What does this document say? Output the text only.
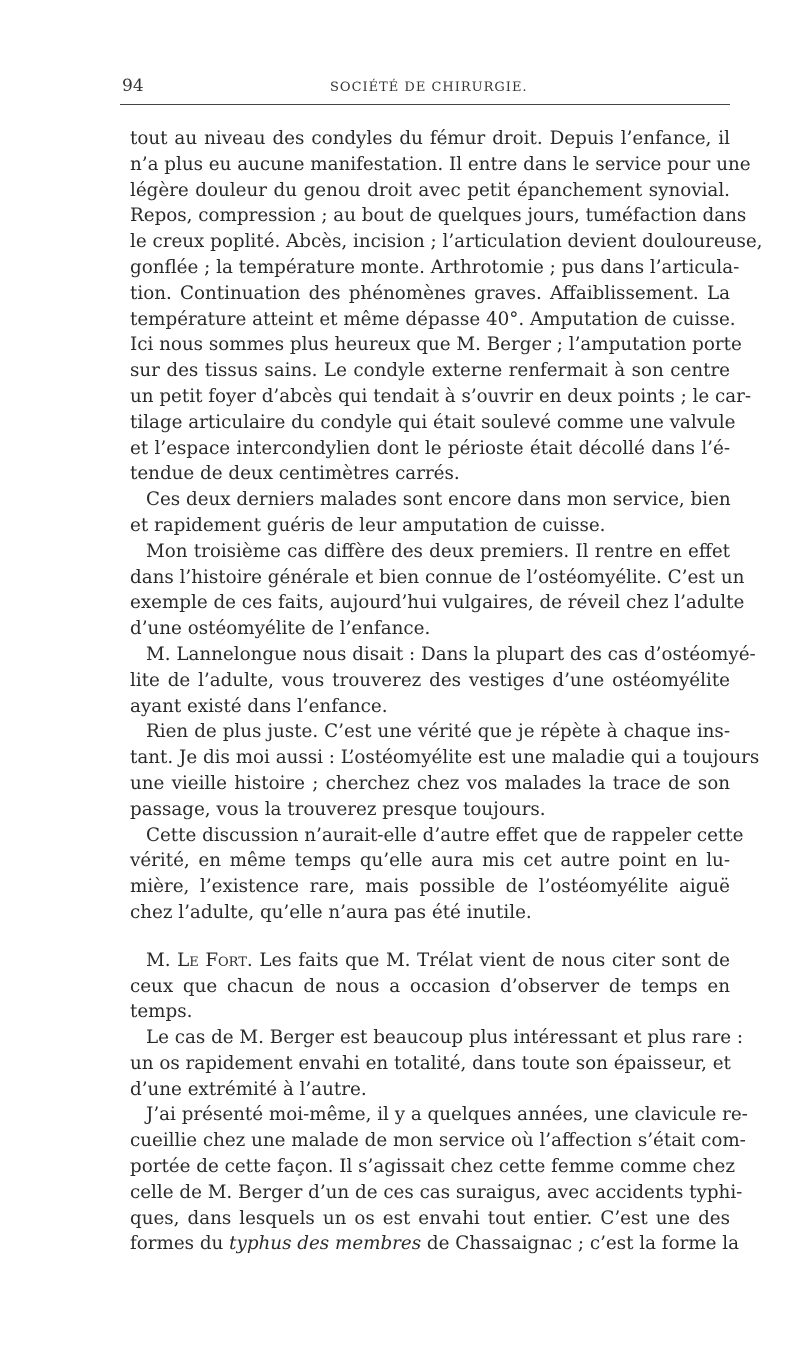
94	SOCIÉTÉ DE CHIRURGIE.
tout au niveau des condyles du fémur droit. Depuis l’enfance, il
n’a plus eu aucune manifestation. Il entre dans le service pour une
légère douleur du genou droit avec petit épanchement synovial.
Repos, compression ; au bout de quelques jours, tuméfaction dans
le creux poplité. Abcès, incision ; l’articulation devient douloureuse,
gonflée ; la température monte. Arthrotomie ; pus dans l’articula-
tion. Continuation des phénomènes graves. Affaiblissement. La
température atteint et même dépasse 40°. Amputation de cuisse.
Ici nous sommes plus heureux que M. Berger ; l’amputation porte
sur des tissus sains. Le condyle externe renfermait à son centre
un petit foyer d’abcès qui tendait à s’ouvrir en deux points ; le car-
tilage articulaire du condyle qui était soulevé comme une valvule
et l’espace intercondylien dont le périoste était décollé dans l’é-
tendue de deux centimètres carrés.
Ces deux derniers malades sont encore dans mon service, bien
et rapidement guéris de leur amputation de cuisse.
Mon troisième cas diffère des deux premiers. Il rentre en effet
dans l’histoire générale et bien connue de l’ostéomyélite. C’est un
exemple de ces faits, aujourd’hui vulgaires, de réveil chez l’adulte
d’une ostéomyélite de l’enfance.
M. Lannelongue nous disait : Dans la plupart des cas d’ostéomyé-
lite de l’adulte, vous trouverez des vestiges d’une ostéomyélite
ayant existé dans l’enfance.
Rien de plus juste. C’est une vérité que je répète à chaque ins-
tant. Je dis moi aussi : L’ostéomyélite est une maladie qui a toujours
une vieille histoire ; cherchez chez vos malades la trace de son
passage, vous la trouverez presque toujours.
Cette discussion n’aurait-elle d’autre effet que de rappeler cette
vérité, en même temps qu’elle aura mis cet autre point en lu-
mière, l’existence rare, mais possible de l’ostéomyélite aiguë
chez l’adulte, qu’elle n’aura pas été inutile.
M. Le Fort. Les faits que M. Trélat vient de nous citer sont de
ceux que chacun de nous a occasion d’observer de temps en
temps.
Le cas de M. Berger est beaucoup plus intéressant et plus rare :
un os rapidement envahi en totalité, dans toute son épaisseur, et
d’une extrémité à l’autre.
J’ai présenté moi-même, il y a quelques années, une clavicule re-
cueillie chez une malade de mon service où l’affection s’était com-
portée de cette façon. Il s’agissait chez cette femme comme chez
celle de M. Berger d’un de ces cas suraigus, avec accidents typhi-
ques, dans lesquels un os est envahi tout entier. C’est une des
formes du typhus des membres de Chassaignac ; c’est la forme la
